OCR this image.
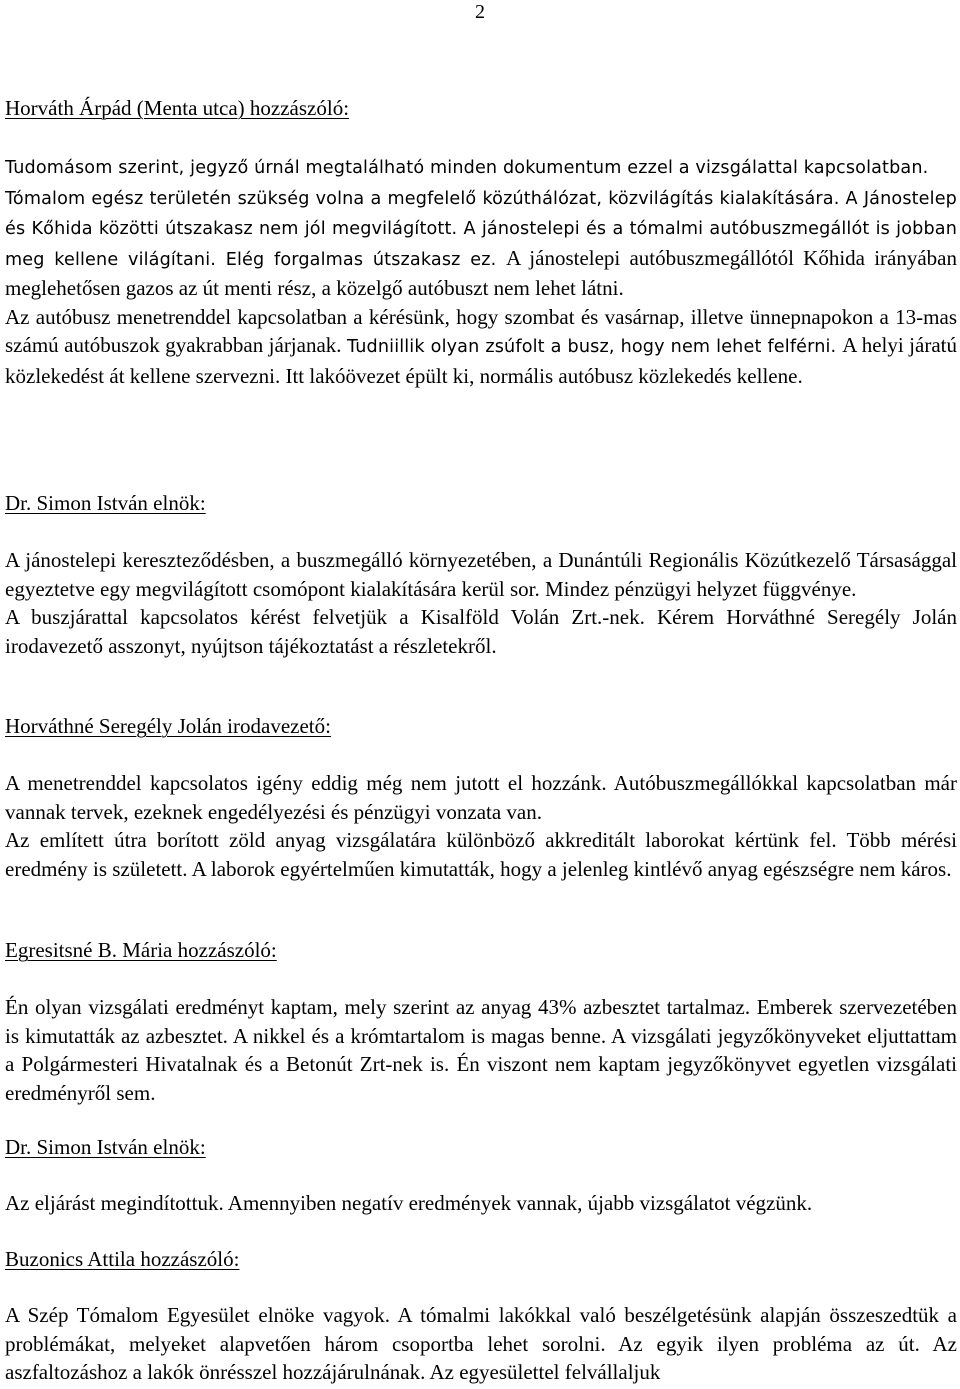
2
Horváth Árpád (Menta utca) hozzászóló:

Tudomásom szerint, jegyző úrnál megtalálható minden dokumentum ezzel a vizsgálattal kapcsolatban.

Tómalom egész területén szükség volna a megfelelő közúthálózat, közvilágítás kialakítására. A Jánostelep és Kőhida közötti útszakasz nem jól megvilágított. A jánostelepi és a tómalmi autóbuszmegállót is jobban meg kellene világítani. Elég forgalmas útszakasz ez. A jánostelepi autóbuszmegállótól Kőhida irányában meglehetősen gazos az út menti rész, a közelgő autóbuszt nem lehet látni.

Az autóbusz menetrenddel kapcsolatban a kérésünk, hogy szombat és vasárnap, illetve ünnepnapokon a 13-mas számú autóbuszok gyakrabban járjanak. Tudniillik olyan zsúfolt a busz, hogy nem lehet felférni. A helyi járatú közlekedést át kellene szervezni. Itt lakóövezet épült ki, normális autóbusz közlekedés kellene.

Dr. Simon István elnök:

A jánostelepi kereszteződésben, a buszmegálló környezetében, a Dunántúli Regionális Közútkezelő Társasággal egyeztetve egy megvilágított csomópont kialakítására kerül sor. Mindez pénzügyi helyzet függvénye.

A buszjárattal kapcsolatos kérést felvetjük a Kisalföld Volán Zrt.-nek. Kérem Horváthné Seregély Jolán irodavezető asszonyt, nyújtson tájékoztatást a részletekről.

Horváthné Seregély Jolán irodavezető:

A menetrenddel kapcsolatos igény eddig még nem jutott el hozzánk. Autóbuszmegállókkal kapcsolatban már vannak tervek, ezeknek engedélyezési és pénzügyi vonzata van.

Az említett útra borított zöld anyag vizsgálatára különböző akkreditált laborokat kértünk fel. Több mérési eredmény is született. A laborok egyértelműen kimutatták, hogy a jelenleg kintlévő anyag egészségre nem káros.

Egresitsné B. Mária hozzászóló:

Én olyan vizsgálati eredményt kaptam, mely szerint az anyag 43% azbesztet tartalmaz. Emberek szervezetében is kimutatták az azbesztet. A nikkel és a krómtartalom is magas benne. A vizsgálati jegyzőkönyveket eljuttattam a Polgármesteri Hivatalnak és a Betonút Zrt-nek is. Én viszont nem kaptam jegyzőkönyvet egyetlen vizsgálati eredményről sem.

Dr. Simon István elnök:

Az eljárást megindítottuk. Amennyiben negatív eredmények vannak, újabb vizsgálatot végzünk.

Buzonics Attila hozzászóló:

A Szép Tómalom Egyesület elnöke vagyok. A tómalmi lakókkal való beszélgetésünk alapján összeszedtük a problémákat, melyeket alapvetően három csoportba lehet sorolni. Az egyik ilyen probléma az út. Az aszfaltozáshoz a lakók önrésszel hozzájárulnának. Az egyesülettel felvállaljuk
